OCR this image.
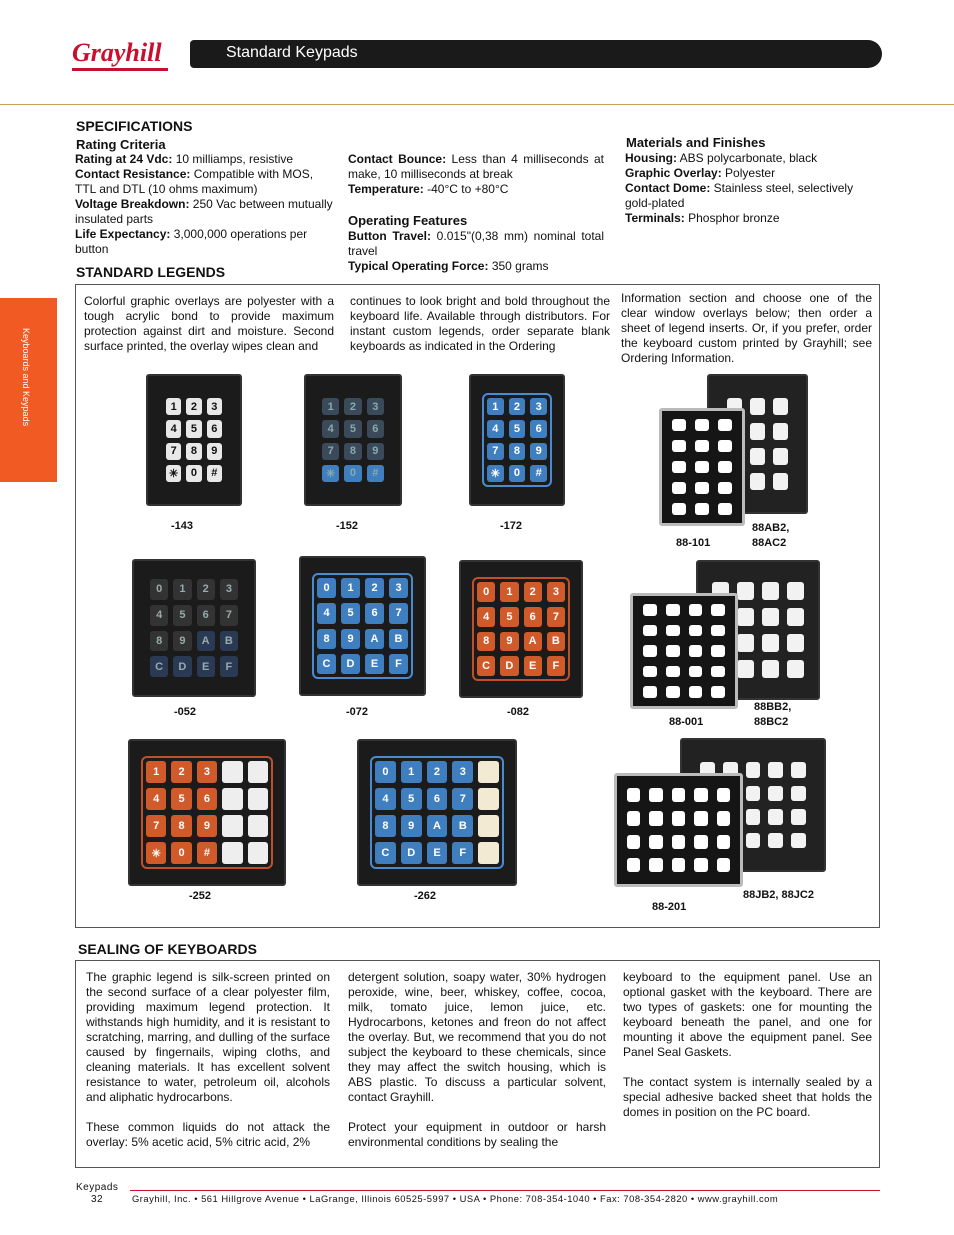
Grayhill	Standard Keypads
Keyboards and Keypads
SPECIFICATIONS
Rating Criteria
Rating at 24 Vdc: 10 milliamps, resistive
Contact Resistance: Compatible with MOS, TTL and DTL (10 ohms maximum)
Voltage Breakdown: 250 Vac between mutually insulated parts
Life Expectancy: 3,000,000 operations per button
Contact Bounce: Less than 4 milliseconds at make, 10 milliseconds at break
Temperature: -40°C to +80°C
Operating Features
Button Travel: 0.015"(0,38 mm) nominal total travel
Typical Operating Force: 350 grams
Materials and Finishes
Housing: ABS polycarbonate, black
Graphic Overlay: Polyester
Contact Dome: Stainless steel, selectively gold-plated
Terminals: Phosphor bronze
STANDARD LEGENDS
Colorful graphic overlays are polyester with a tough acrylic bond to provide maximum protection against dirt and moisture. Second surface printed, the overlay wipes clean and
continues to look bright and bold throughout the keyboard life. Available through distributors. For instant custom legends, order separate blank keyboards as indicated in the Ordering
Information section and choose one of the clear window overlays below; then order a sheet of legend inserts. Or, if you prefer, order the keyboard custom printed by Grayhill; see Ordering Information.
1 2 3
4 5 6
7 8 9
✳ 0 #
1 2 3
4 5 6
7 8 9
✳ 0 #
1 2 3
4 5 6
7 8 9
✳ 0 #
0 1 2 3
4 5 6 7
8 9 A B
C D E F
0 1 2 3
4 5 6 7
8 9 A B
C D E F
0 1 2 3
4 5 6 7
8 9 A B
C D E F
1 2 3
4 5 6
7 8 9
✳ 0 #
0 1 2 3
4 5 6 7
8 9 A B
C D E F
-143	-152	-172
88-101
88AB2,
88AC2
-052	-072	-082
88-001
88BB2,
88BC2
-252	-262
88-201
88JB2, 88JC2
SEALING OF KEYBOARDS

The graphic legend is silk-screen printed on the second surface of a clear polyester film, providing maximum legend protection. It withstands high humidity, and it is resistant to scratching, marring, and dulling of the surface caused by fingernails, wiping cloths, and cleaning materials. It has excellent solvent resistance to water, petroleum oil, alcohols and aliphatic hydrocarbons.

These common liquids do not attack the overlay: 5% acetic acid, 5% citric acid, 2%

detergent solution, soapy water, 30% hydrogen peroxide, wine, beer, whiskey, coffee, cocoa, milk, tomato juice, lemon juice, etc. Hydrocarbons, ketones and freon do not affect the overlay. But, we recommend that you do not subject the keyboard to these chemicals, since they may affect the switch housing, which is ABS plastic. To discuss a particular solvent, contact Grayhill.

Protect your equipment in outdoor or harsh environmental conditions by sealing the

keyboard to the equipment panel. Use an optional gasket with the keyboard. There are two types of gaskets: one for mounting the keyboard beneath the panel, and one for mounting it above the equipment panel. See Panel Seal Gaskets.

The contact system is internally sealed by a special adhesive backed sheet that holds the domes in position on the PC board.

Keypads
32	Grayhill, Inc. • 561 Hillgrove Avenue • LaGrange, Illinois 60525-5997 • USA • Phone: 708-354-1040 • Fax: 708-354-2820 • www.grayhill.com
